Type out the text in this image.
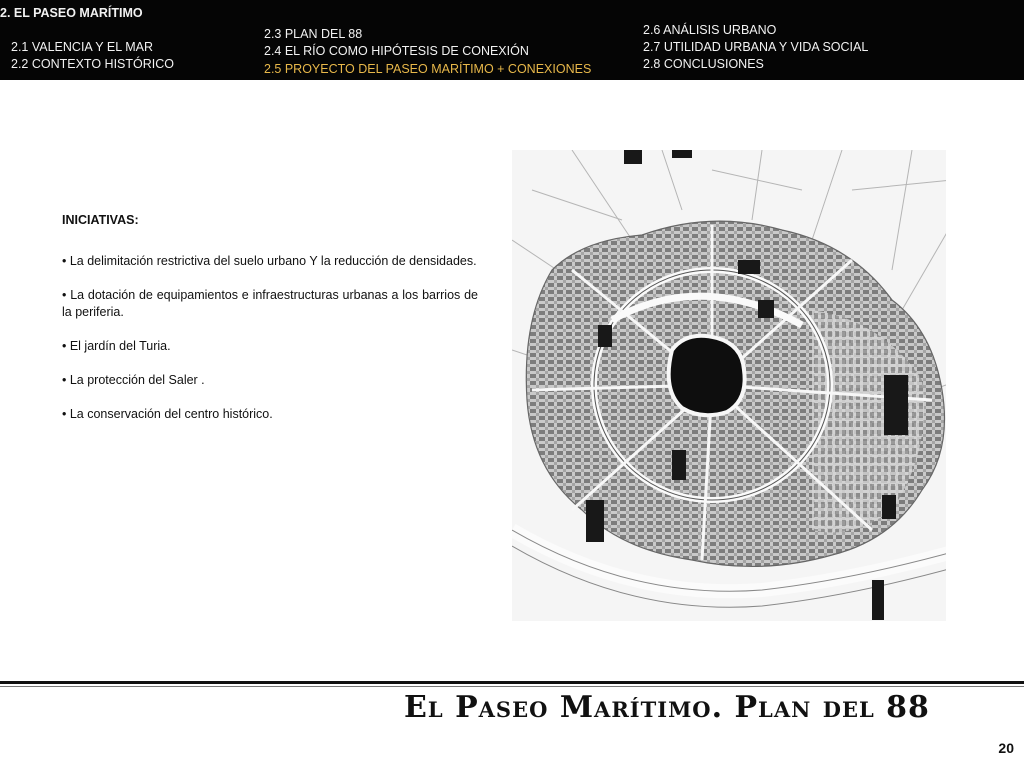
2. EL PASEO MARÍTIMO
2.1 VALENCIA Y EL MAR
2.2 CONTEXTO HISTÓRICO
2.3 PLAN DEL 88
2.4 EL RÍO COMO HIPÓTESIS DE CONEXIÓN
2.5 PROYECTO DEL PASEO MARÍTIMO + CONEXIONES
2.6 ANÁLISIS URBANO
2.7 UTILIDAD URBANA Y VIDA SOCIAL
2.8 CONCLUSIONES
INICIATIVAS:
• La delimitación restrictiva del suelo urbano Y la reducción de densidades.
• La dotación de equipamientos e infraestructuras urbanas a los barrios de la periferia.
• El jardín del Turia.
• La protección del Saler .
• La conservación del centro histórico.
El Paseo Marítimo. Plan del 88
20
